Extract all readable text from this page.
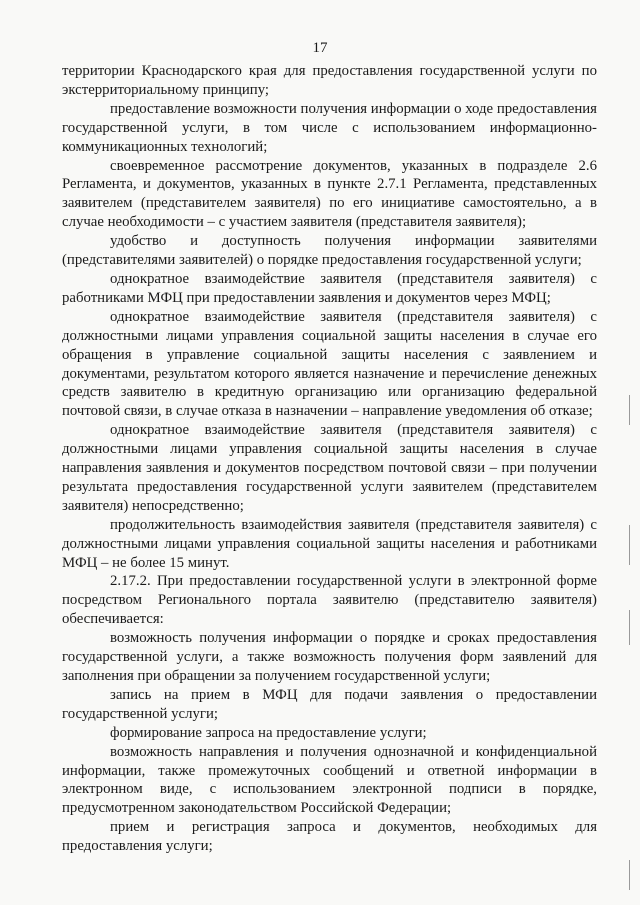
17

территории Краснодарского края для предоставления государственной услуги по экстерриториальному принципу;

предоставление возможности получения информации о ходе предоставления государственной услуги, в том числе с использованием информационно-коммуникационных технологий;

своевременное рассмотрение документов, указанных в подразделе 2.6 Регламента, и документов, указанных в пункте 2.7.1 Регламента, представленных заявителем (представителем заявителя) по его инициативе самостоятельно, а в случае необходимости – с участием заявителя (представителя заявителя);

удобство и доступность получения информации заявителями (представителями заявителей) о порядке предоставления государственной услуги;

однократное взаимодействие заявителя (представителя заявителя) с работниками МФЦ при предоставлении заявления и документов через МФЦ;

однократное взаимодействие заявителя (представителя заявителя) с должностными лицами управления социальной защиты населения в случае его обращения в управление социальной защиты населения с заявлением и документами, результатом которого является назначение и перечисление денежных средств заявителю в кредитную организацию или организацию федеральной почтовой связи, в случае отказа в назначении – направление уведомления об отказе;

однократное взаимодействие заявителя (представителя заявителя) с должностными лицами управления социальной защиты населения в случае направления заявления и документов посредством почтовой связи – при получении результата предоставления государственной услуги заявителем (представителем заявителя) непосредственно;

продолжительность взаимодействия заявителя (представителя заявителя) с должностными лицами управления социальной защиты населения и работниками МФЦ – не более 15 минут.

2.17.2. При предоставлении государственной услуги в электронной форме посредством Регионального портала заявителю (представителю заявителя) обеспечивается:

возможность получения информации о порядке и сроках предоставления государственной услуги, а также возможность получения форм заявлений для заполнения при обращении за получением государственной услуги;

запись на прием в МФЦ для подачи заявления о предоставлении государственной услуги;

формирование запроса на предоставление услуги;

возможность направления и получения однозначной и конфиденциальной информации, также промежуточных сообщений и ответной информации в электронном виде, с использованием электронной подписи в порядке, предусмотренном законодательством Российской Федерации;

прием и регистрация запроса и документов, необходимых для предоставления услуги;
